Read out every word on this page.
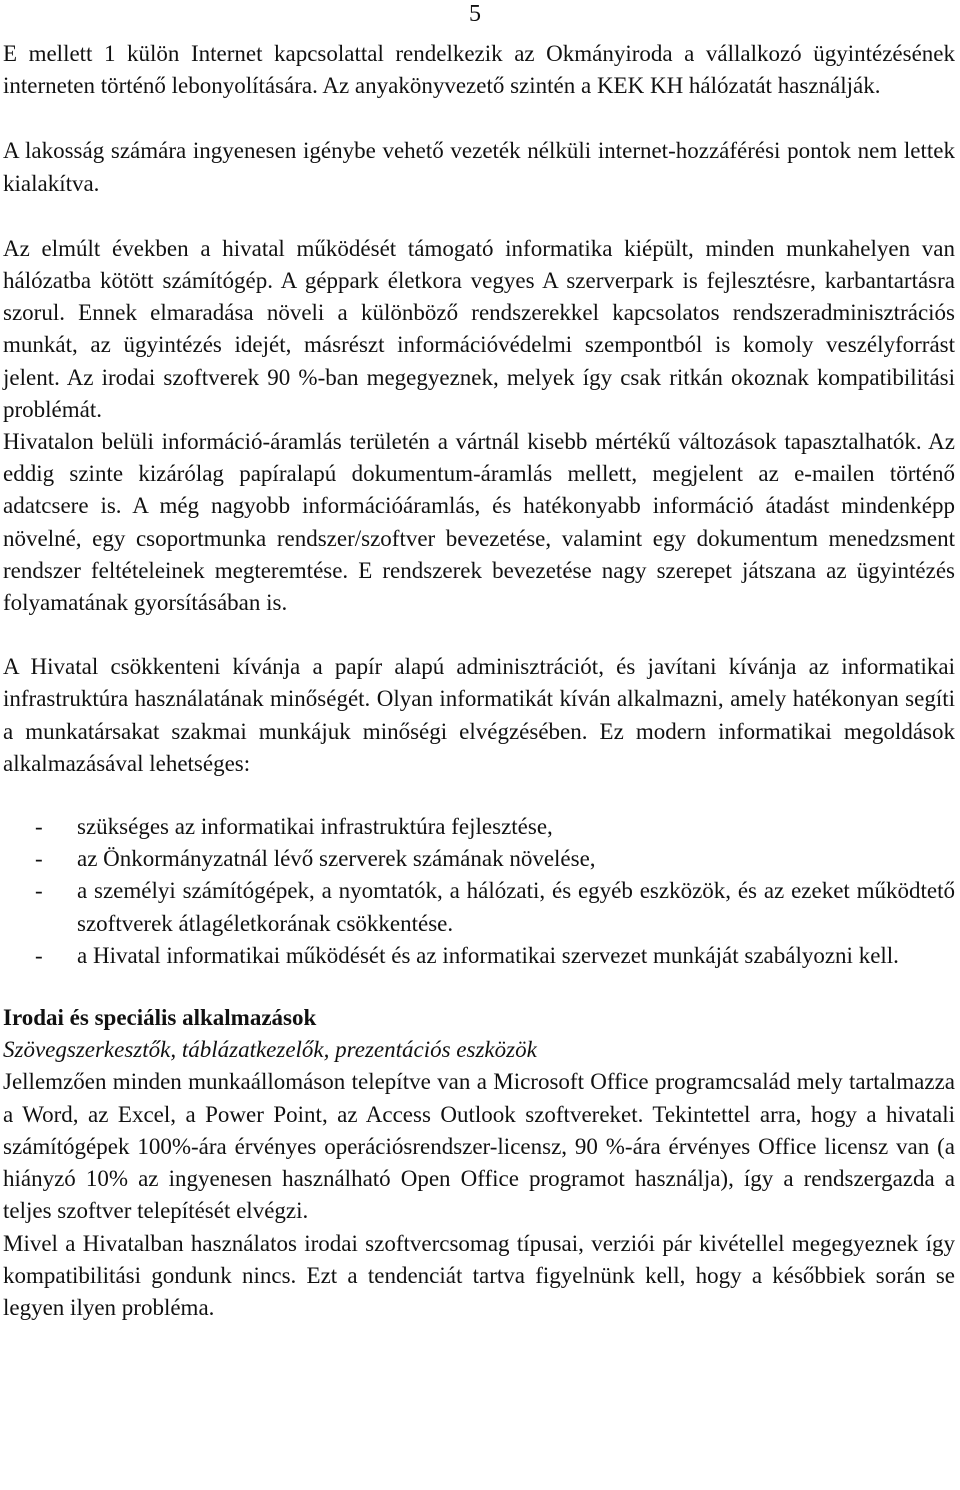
5

E mellett 1 külön Internet kapcsolattal rendelkezik az Okmányiroda a vállalkozó ügyintézésének interneten történő lebonyolítására. Az anyakönyvezető szintén a KEK KH hálózatát használják.

A lakosság számára ingyenesen igénybe vehető vezeték nélküli internet-hozzáférési pontok nem lettek kialakítva.

Az elmúlt években a hivatal működését támogató informatika kiépült, minden munkahelyen van hálózatba kötött számítógép. A géppark életkora vegyes A szerverpark is fejlesztésre, karbantartásra szorul. Ennek elmaradása növeli a különböző rendszerekkel kapcsolatos rendszeradminisztrációs munkát, az ügyintézés idejét, másrészt információvédelmi szempontból is komoly veszélyforrást jelent. Az irodai szoftverek 90 %-ban megegyeznek, melyek így csak ritkán okoznak kompatibilitási problémát.

Hivatalon belüli információ-áramlás területén a vártnál kisebb mértékű változások tapasztalhatók. Az eddig szinte kizárólag papíralapú dokumentum-áramlás mellett, megjelent az e-mailen történő adatcsere is. A még nagyobb információáramlás, és hatékonyabb információ átadást mindenképp növelné, egy csoportmunka rendszer/szoftver bevezetése, valamint egy dokumentum menedzsment rendszer feltételeinek megteremtése. E rendszerek bevezetése nagy szerepet játszana az ügyintézés folyamatának gyorsításában is.

A Hivatal csökkenteni kívánja a papír alapú adminisztrációt, és javítani kívánja az informatikai infrastruktúra használatának minőségét. Olyan informatikát kíván alkalmazni, amely hatékonyan segíti a munkatársakat szakmai munkájuk minőségi elvégzésében. Ez modern informatikai megoldások alkalmazásával lehetséges:

- szükséges az informatikai infrastruktúra fejlesztése,
- az Önkormányzatnál lévő szerverek számának növelése,
- a személyi számítógépek, a nyomtatók, a hálózati, és egyéb eszközök, és az ezeket működtető szoftverek átlagéletkorának csökkentése.
- a Hivatal informatikai működését és az informatikai szervezet munkáját szabályozni kell.

Irodai és speciális alkalmazások

Szövegszerkesztők, táblázatkezelők, prezentációs eszközök

Jellemzően minden munkaállomáson telepítve van a Microsoft Office programcsalád mely tartalmazza a Word, az Excel, a Power Point, az Access Outlook szoftvereket. Tekintettel arra, hogy a hivatali számítógépek 100%-ára érvényes operációsrendszer-licensz, 90 %-ára érvényes Office licensz van (a hiányzó 10% az ingyenesen használható Open Office programot használja), így a rendszergazda a teljes szoftver telepítését elvégzi.

Mivel a Hivatalban használatos irodai szoftvercsomag típusai, verziói pár kivétellel megegyeznek így kompatibilitási gondunk nincs. Ezt a tendenciát tartva figyelnünk kell, hogy a későbbiek során se legyen ilyen probléma.
